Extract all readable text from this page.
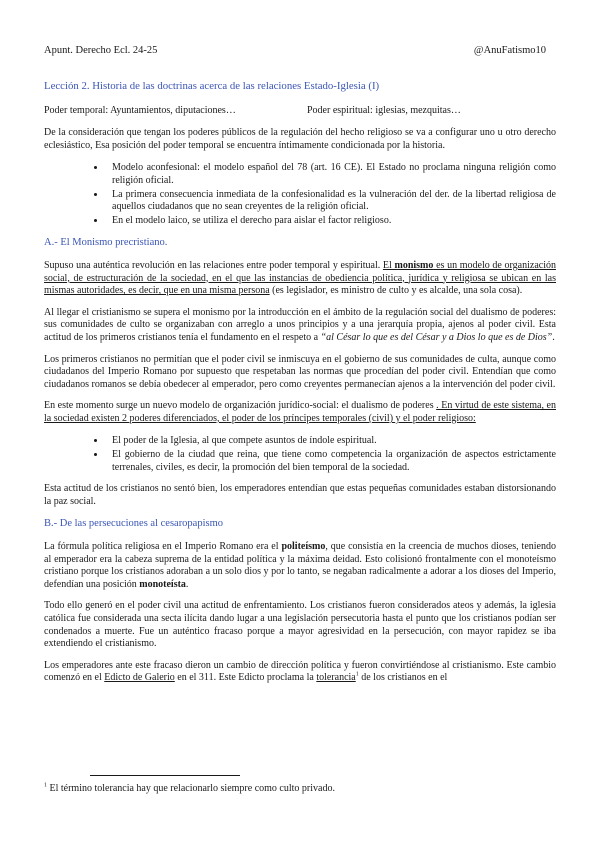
Apunt. Derecho Ecl. 24-25	@AnuFatismo10
Lección 2. Historia de las doctrinas acerca de las relaciones Estado-Iglesia (I)
Poder temporal: Ayuntamientos, diputaciones…	Poder espiritual: iglesias, mezquitas…

De la consideración que tengan los poderes públicos de la regulación del hecho religioso se va a configurar uno u otro derecho eclesiástico, Esa posición del poder temporal se encuentra íntimamente condicionada por la historia.

• Modelo aconfesional: el modelo español del 78 (art. 16 CE). El Estado no proclama ninguna religión como religión oficial.
• La primera consecuencia inmediata de la confesionalidad es la vulneración del der. de la libertad religiosa de aquellos ciudadanos que no sean creyentes de la religión oficial.
• En el modelo laico, se utiliza el derecho para aislar el factor religioso.
A.- El Monismo precristiano.

Supuso una auténtica revolución en las relaciones entre poder temporal y espiritual. El monismo es un modelo de organización social, de estructuración de la sociedad, en el que las instancias de obediencia política, jurídica y religiosa se ubican en las mismas autoridades, es decir, que en una misma persona (es legislador, es ministro de culto y es alcalde, una sola cosa).

Al llegar el cristianismo se supera el monismo por la introducción en el ámbito de la regulación social del dualismo de poderes: sus comunidades de culto se organizaban con arreglo a unos principios y a una jerarquía propia, ajenos al poder civil. Esta actitud de los primeros cristianos tenía el fundamento en el respeto a “al César lo que es del César y a Dios lo que es de Dios”.

Los primeros cristianos no permitían que el poder civil se inmiscuya en el gobierno de sus comunidades de culta, aunque como ciudadanos del Imperio Romano por supuesto que respetaban las normas que procedían del poder civil. Entendían que como ciudadanos romanos se debía obedecer al emperador, pero como creyentes permanecían ajenos a la intervención del poder civil.

En este momento surge un nuevo modelo de organización jurídico-social: el dualismo de poderes . En virtud de este sistema, en la sociedad existen 2 poderes diferenciados, el poder de los príncipes temporales (civil) y el poder religioso:

• El poder de la Iglesia, al que compete asuntos de índole espiritual.
• El gobierno de la ciudad que reina, que tiene como competencia la organización de aspectos estrictamente terrenales, civiles, es decir, la promoción del bien temporal de la sociedad.

Esta actitud de los cristianos no sentó bien, los emperadores entendían que estas pequeñas comunidades estaban distorsionando la paz social.

B.- De las persecuciones al cesaropapismo

La fórmula política religiosa en el Imperio Romano era el politeísmo, que consistía en la creencia de muchos dioses, teniendo al emperador era la cabeza suprema de la entidad política y la máxima deidad. Esto colisionó frontalmente con el monoteísmo cristiano porque los cristianos adoraban a un solo dios y por lo tanto, se negaban radicalmente a adorar a los dioses del Imperio, defendían una posición monoteísta.

Todo ello generó en el poder civil una actitud de enfrentamiento. Los cristianos fueron considerados ateos y además, la iglesia católica fue considerada una secta ilícita dando lugar a una legislación persecutoria hasta el punto que los cristianos podían ser condenados a muerte. Fue un auténtico fracaso porque a mayor agresividad en la persecución, con mayor rapidez se iba extendiendo el cristianismo.

Los emperadores ante este fracaso dieron un cambio de dirección política y fueron convirtiéndose al cristianismo. Este cambio comenzó en el Edicto de Galerio en el 311. Este Edicto proclama la tolerancia$^1$ de los cristianos en el

$^1$ El término tolerancia hay que relacionarlo siempre como culto privado.
